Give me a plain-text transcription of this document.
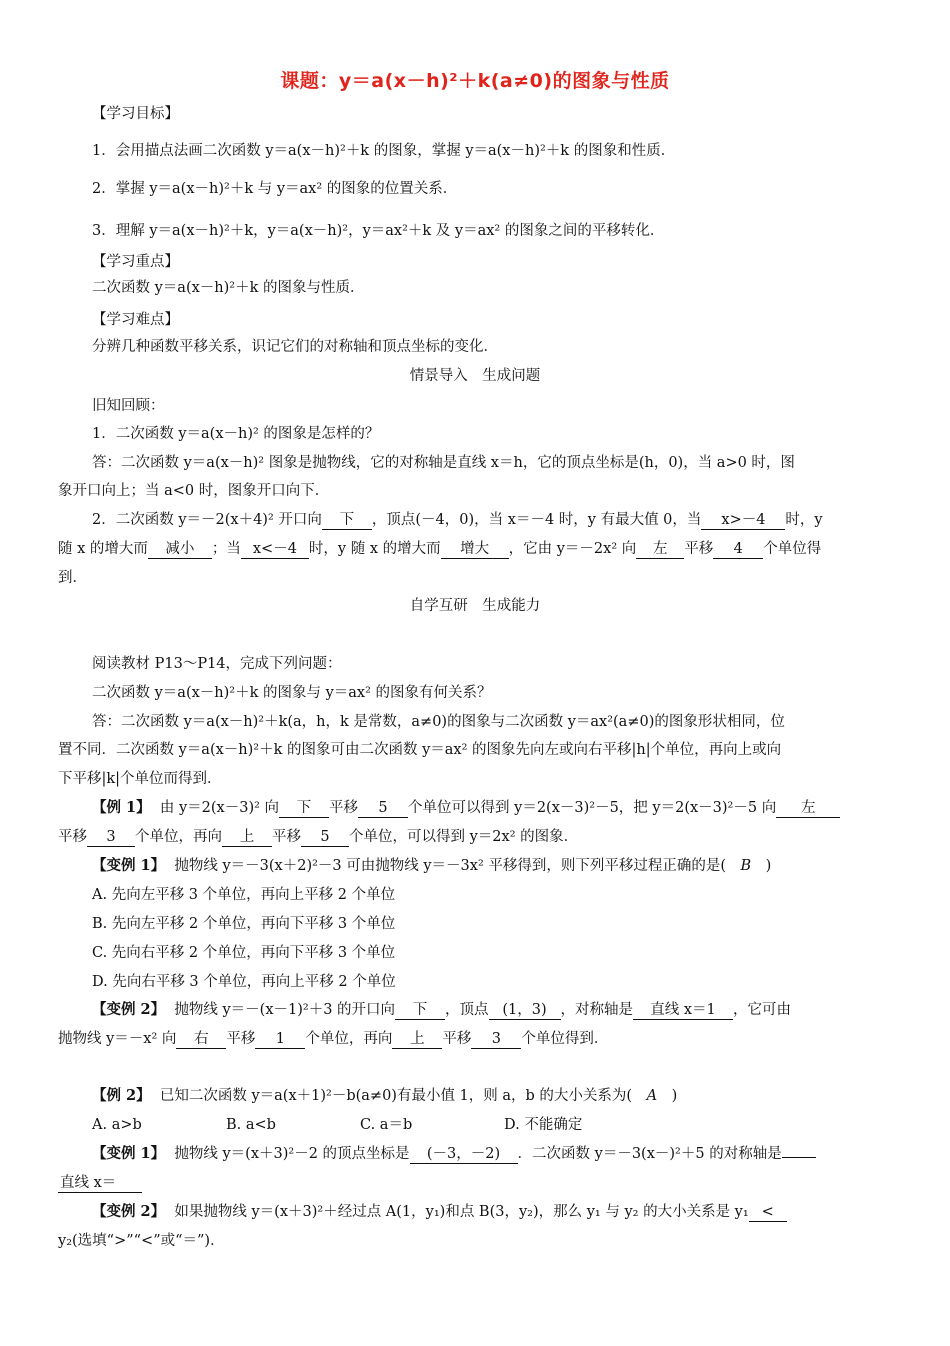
课题：y＝a(x－h)²＋k(a≠0)的图象与性质
【学习目标】
1．会用描点法画二次函数 y＝a(x－h)²＋k 的图象，掌握 y＝a(x－h)²＋k 的图象和性质．
2．掌握 y＝a(x－h)²＋k 与 y＝ax² 的图象的位置关系．
3．理解 y＝a(x－h)²＋k，y＝a(x－h)²，y＝ax²＋k 及 y＝ax² 的图象之间的平移转化．
【学习重点】
二次函数 y＝a(x－h)²＋k 的图象与性质．
【学习难点】
分辨几种函数平移关系，识记它们的对称轴和顶点坐标的变化．
情景导入　生成问题
旧知回顾：
1．二次函数 y＝a(x－h)² 的图象是怎样的？
答：二次函数 y＝a(x－h)² 图象是抛物线，它的对称轴是直线 x＝h，它的顶点坐标是(h，0)，当 a>0 时，图
象开口向上；当 a<0 时，图象开口向下．
2．二次函数 y＝－2(x＋4)² 开口向 下 ，顶点(－4，0)，当 x＝－4 时，y 有最大值 0，当 x>－4 时，y
随 x 的增大而 减小 ；当 x<－4 时，y 随 x 的增大而 增大 ，它由 y＝－2x² 向 左 平移 4 个单位得
到．
自学互研　生成能力
阅读教材 P13～P14，完成下列问题：
二次函数 y＝a(x－h)²＋k 的图象与 y＝ax² 的图象有何关系？
答：二次函数 y＝a(x－h)²＋k(a，h，k 是常数，a≠0)的图象与二次函数 y＝ax²(a≠0)的图象形状相同，位
置不同．二次函数 y＝a(x－h)²＋k 的图象可由二次函数 y＝ax² 的图象先向左或向右平移|h|个单位，再向上或向
下平移|k|个单位而得到．
【例 1】 由 y＝2(x－3)² 向 下 平移 5 个单位可以得到 y＝2(x－3)²－5，把 y＝2(x－3)²－5 向 左
平移 3 个单位，再向 上 平移 5 个单位，可以得到 y＝2x² 的图象．
【变例 1】 抛物线 y＝－3(x＋2)²－3 可由抛物线 y＝－3x² 平移得到，则下列平移过程正确的是(　B　)
A. 先向左平移 3 个单位，再向上平移 2 个单位
B. 先向左平移 2 个单位，再向下平移 3 个单位
C. 先向右平移 2 个单位，再向下平移 3 个单位
D. 先向右平移 3 个单位，再向上平移 2 个单位
【变例 2】 抛物线 y＝－(x－1)²＋3 的开口向 下 ，顶点 (1，3) ，对称轴是 直线 x＝1 ，它可由
抛物线 y＝－x² 向 右 平移 1 个单位，再向 上 平移 3 个单位得到．
【例 2】 已知二次函数 y＝a(x＋1)²－b(a≠0)有最小值 1，则 a，b 的大小关系为(　A　)
A. a>b	B. a<b	C. a＝b	D. 不能确定
【变例 1】 抛物线 y＝(x＋3)²－2 的顶点坐标是 (－3，－2) ．二次函数 y＝－3(x－)²＋5 的对称轴是
直线 x＝
【变例 2】 如果抛物线 y＝(x＋3)²＋经过点 A(1，y₁)和点 B(3，y₂)，那么 y₁ 与 y₂ 的大小关系是 y₁ <
y₂(选填“>”“<”或“＝”)．
